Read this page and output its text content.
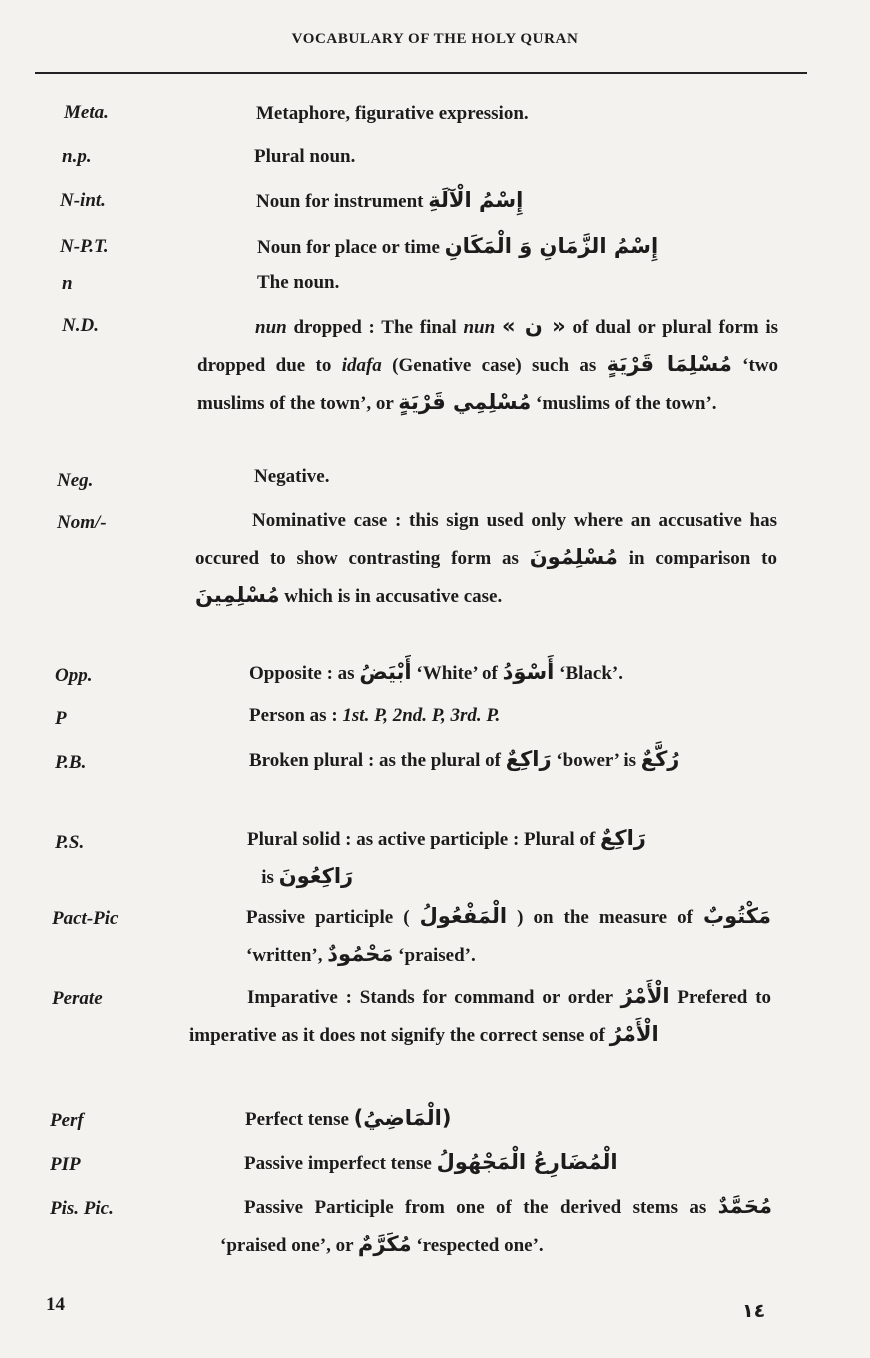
VOCABULARY OF THE HOLY QURAN
Meta.	Metaphore, figurative expression.
n.p.	Plural noun.
N-int.	Noun for instrument إِسْمُ الْآلَةِ
N-P.T.	Noun for place or time إِسْمُ الزَّمَانِ وَ الْمَكَانِ
n	The noun.
N.D.	nun dropped : The final nun « ن » of dual or plural form is dropped due to idafa (Genative case) such as مُسْلِمَا قَرْيَةٍ ‘two muslims of the town’, or مُسْلِمِي قَرْيَةٍ ‘muslims of the town’.
Neg.	Negative.
Nom/-	Nominative case : this sign used only where an accusative has occured to show contrasting form as مُسْلِمُونَ in comparison to مُسْلِمِينَ which is in accusative case.
Opp.	Opposite : as أَبْيَضُ ‘White’ of أَسْوَدُ ‘Black’.
P	Person as : 1st. P, 2nd. P, 3rd. P.
P.B.	Broken plural : as the plural of رَاكِعٌ ‘bower’ is رُكَّعٌ
P.S.	Plural solid : as active participle : Plural of رَاكِعٌ
is رَاكِعُونَ
Pact-Pic	Passive participle ( الْمَفْعُولُ ) on the measure of مَكْتُوبٌ ‘written’, مَحْمُودٌ ‘praised’.
Perate	Imparative : Stands for command or order الْأَمْرُ Prefered to imperative as it does not signify the correct sense of الْأَمْرُ
Perf	Perfect tense (الْمَاضِيُ)
PIP	Passive imperfect tense الْمُضَارِعُ الْمَجْهُولُ
Pis. Pic.	Passive Participle from one of the derived stems as مُحَمَّدٌ ‘praised one’, or مُكَرَّمٌ ‘respected one’.
14	١٤
